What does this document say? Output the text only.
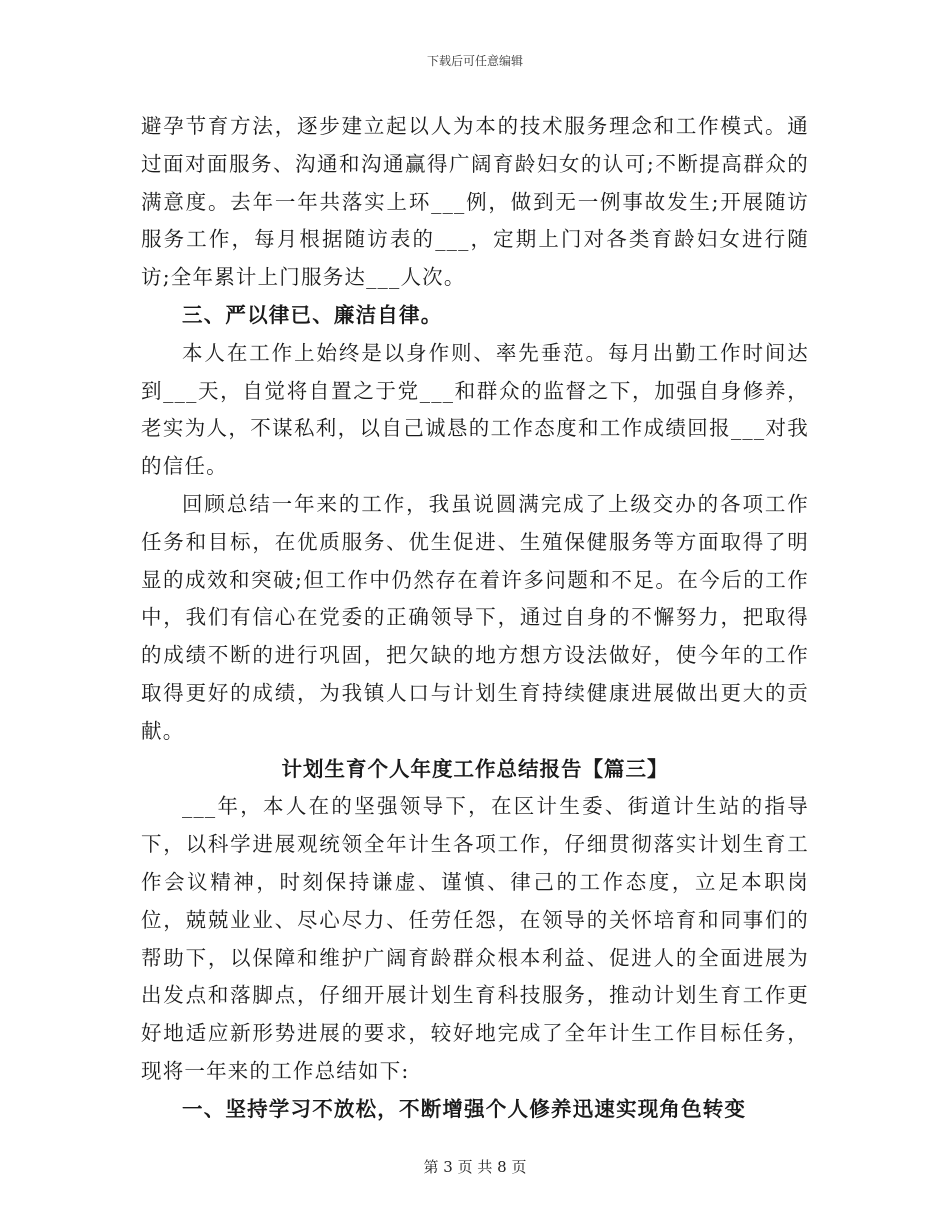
下载后可任意编辑

避孕节育方法，逐步建立起以人为本的技术服务理念和工作模式。通过面对面服务、沟通和沟通赢得广阔育龄妇女的认可;不断提高群众的满意度。去年一年共落实上环___例，做到无一例事故发生;开展随访服务工作，每月根据随访表的___，定期上门对各类育龄妇女进行随访;全年累计上门服务达___人次。

三、严以律已、廉洁自律。

本人在工作上始终是以身作则、率先垂范。每月出勤工作时间达到___天，自觉将自置之于党___和群众的监督之下，加强自身修养，老实为人，不谋私利，以自己诚恳的工作态度和工作成绩回报___对我的信任。

回顾总结一年来的工作，我虽说圆满完成了上级交办的各项工作任务和目标，在优质服务、优生促进、生殖保健服务等方面取得了明显的成效和突破;但工作中仍然存在着许多问题和不足。在今后的工作中，我们有信心在党委的正确领导下，通过自身的不懈努力，把取得的成绩不断的进行巩固，把欠缺的地方想方设法做好，使今年的工作取得更好的成绩，为我镇人口与计划生育持续健康进展做出更大的贡献。

计划生育个人年度工作总结报告【篇三】

___年，本人在的坚强领导下，在区计生委、街道计生站的指导下，以科学进展观统领全年计生各项工作，仔细贯彻落实计划生育工作会议精神，时刻保持谦虚、谨慎、律己的工作态度，立足本职岗位，兢兢业业、尽心尽力、任劳任怨，在领导的关怀培育和同事们的帮助下，以保障和维护广阔育龄群众根本利益、促进人的全面进展为出发点和落脚点，仔细开展计划生育科技服务，推动计划生育工作更好地适应新形势进展的要求，较好地完成了全年计生工作目标任务，现将一年来的工作总结如下:

一、坚持学习不放松，不断增强个人修养迅速实现角色转变

第 3 页 共 8 页
